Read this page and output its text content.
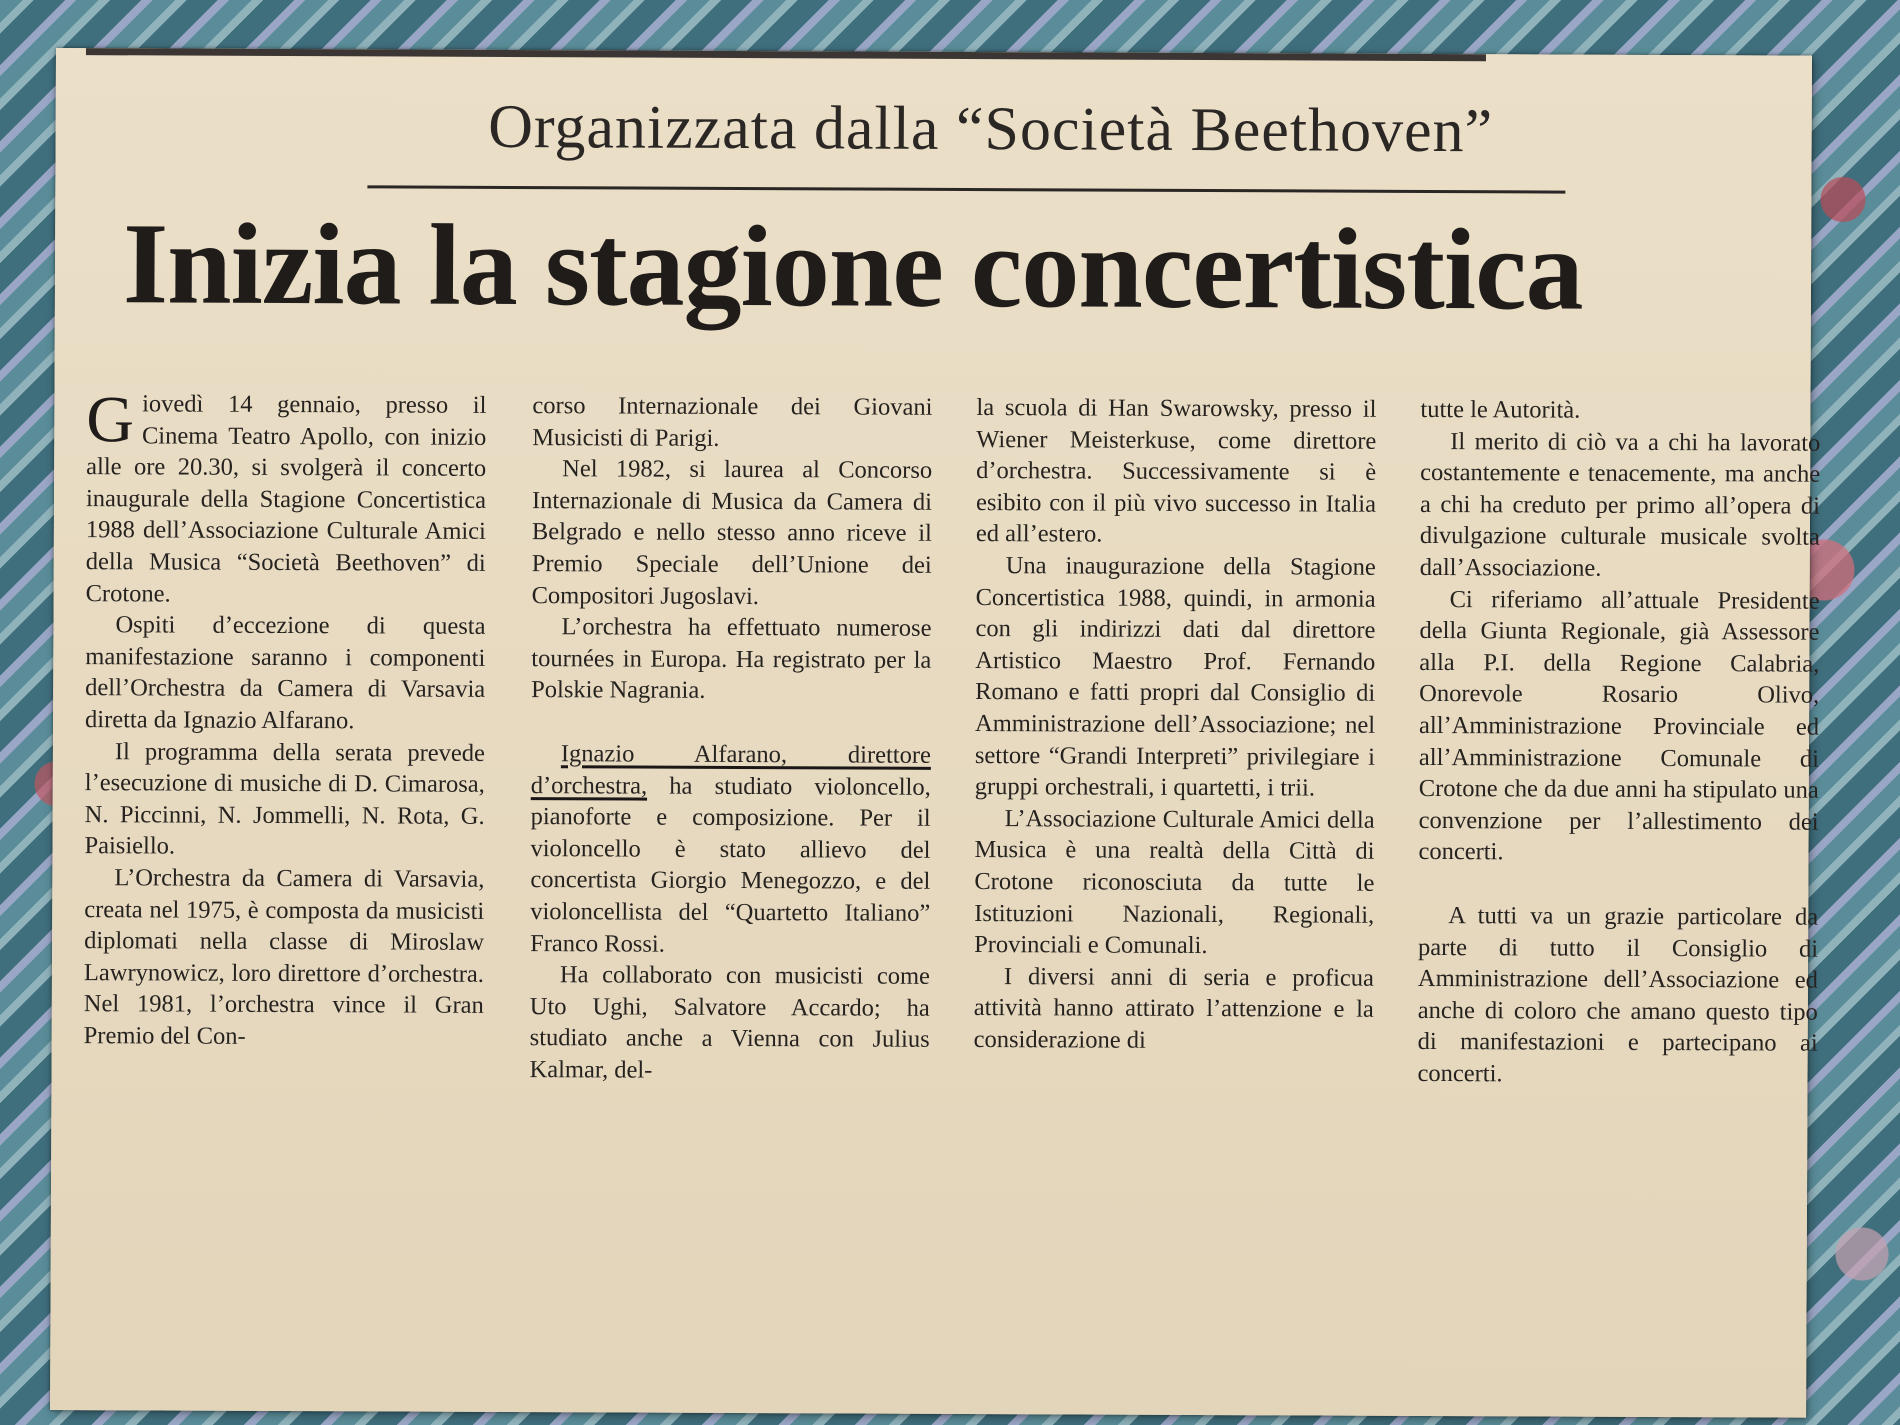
Organizzata dalla “Società Beethoven”
Inizia la stagione concertistica

Giovedì 14 gennaio, presso il Cinema Teatro Apollo, con inizio alle ore 20.30, si svolgerà il concerto inaugurale della Stagione Concertistica 1988 dell’Associazione Culturale Amici della Musica “Società Beethoven” di Crotone.

Ospiti d’eccezione di questa manifestazione saranno i componenti dell’Orchestra da Camera di Varsavia diretta da Ignazio Alfarano.

Il programma della serata prevede l’esecuzione di musiche di D. Cimarosa, N. Piccinni, N. Jommelli, N. Rota, G. Paisiello.

L’Orchestra da Camera di Varsavia, creata nel 1975, è composta da musicisti diplomati nella classe di Miroslaw Lawrynowicz, loro direttore d’orchestra. Nel 1981, l’orchestra vince il Gran Premio del Con-

corso Internazionale dei Giovani Musicisti di Parigi.

Nel 1982, si laurea al Concorso Internazionale di Musica da Camera di Belgrado e nello stesso anno riceve il Premio Speciale dell’Unione dei Compositori Jugoslavi.

L’orchestra ha effettuato numerose tournées in Europa. Ha registrato per la Polskie Nagrania.

Ignazio Alfarano, direttore d’orchestra, ha studiato violoncello, pianoforte e composizione. Per il violoncello è stato allievo del concertista Giorgio Menegozzo, e del violoncellista del “Quartetto Italiano” Franco Rossi.

Ha collaborato con musicisti come Uto Ughi, Salvatore Accardo; ha studiato anche a Vienna con Julius Kalmar, del-

la scuola di Han Swarowsky, presso il Wiener Meisterkuse, come direttore d’orchestra. Successivamente si è esibito con il più vivo successo in Italia ed all’estero.

Una inaugurazione della Stagione Concertistica 1988, quindi, in armonia con gli indirizzi dati dal direttore Artistico Maestro Prof. Fernando Romano e fatti propri dal Consiglio di Amministrazione dell’Associazione; nel settore “Grandi Interpreti” privilegiare i gruppi orchestrali, i quartetti, i trii.

L’Associazione Culturale Amici della Musica è una realtà della Città di Crotone riconosciuta da tutte le Istituzioni Nazionali, Regionali, Provinciali e Comunali.

I diversi anni di seria e proficua attività hanno attirato l’attenzione e la considerazione di

tutte le Autorità.

Il merito di ciò va a chi ha lavorato costantemente e tenacemente, ma anche a chi ha creduto per primo all’opera di divulgazione culturale musicale svolta dall’Associazione.

Ci riferiamo all’attuale Presidente della Giunta Regionale, già Assessore alla P.I. della Regione Calabria, Onorevole Rosario Olivo, all’Amministrazione Provinciale ed all’Amministrazione Comunale di Crotone che da due anni ha stipulato una convenzione per l’allestimento dei concerti.

A tutti va un grazie particolare da parte di tutto il Consiglio di Amministrazione dell’Associazione ed anche di coloro che amano questo tipo di manifestazioni e partecipano ai concerti.
